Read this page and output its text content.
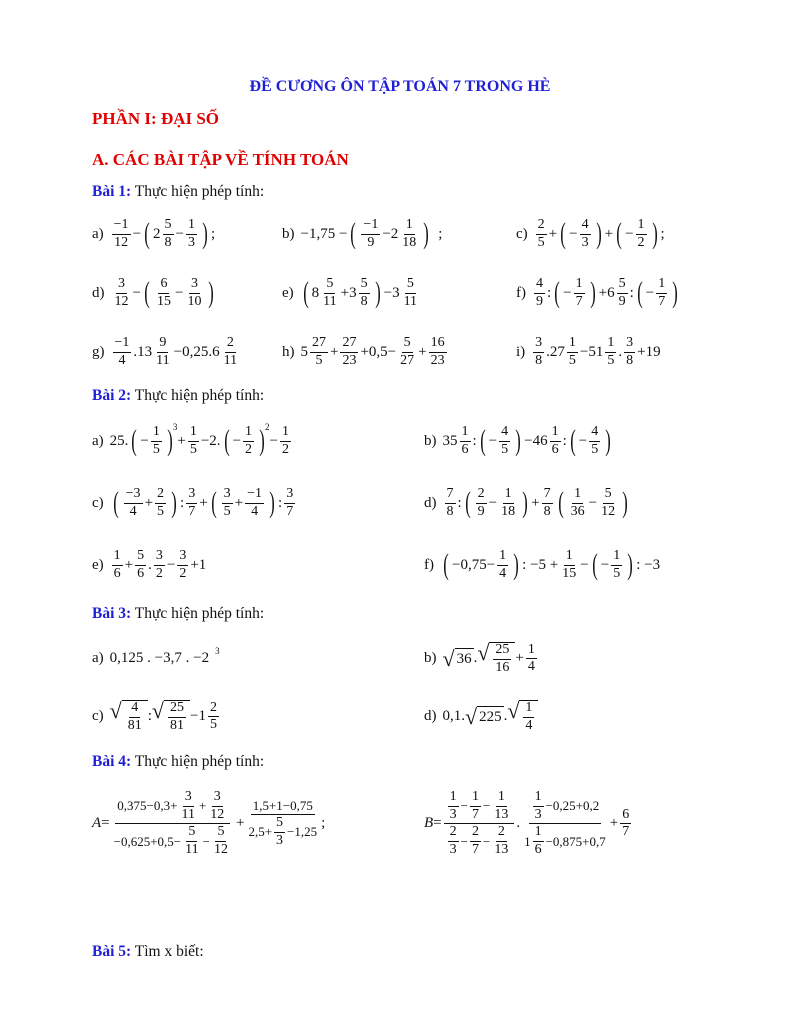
ĐỀ CƯƠNG ÔN TẬP TOÁN 7 TRONG HÈ
PHẦN I: ĐẠI SỐ
A. CÁC BÀI TẬP VỀ TÍNH TOÁN
Bài 1: Thực hiện phép tính:
$a) \frac{-1}{12}$ − ( $2 \frac{5}{8} - \frac{1}{3}$ ) ;	b) −1,75 − ( $\frac{-1}{9} -2 \frac{1}{18}$ ) ;	$c) \frac{2}{5}$ + ( − $\frac{4}{3}$ ) + ( − $\frac{1}{2}$ ) ;
$d) \frac{3}{12}$ − ( $\frac{6}{15} - \frac{3}{10}$ )	e) ( $8 \frac{5}{11} +3 \frac{5}{8}$ ) $-3 \frac{5}{11}$	$f) \frac{4}{9}$ : ( − $\frac{1}{7}$ ) $+6 \frac{5}{9}$ : ( − $\frac{1}{7}$ )
$g) \frac{-1}{4} .13 \frac{9}{11} -0,25.6 \frac{2}{11}$	h) $5 \frac{27}{5} + \frac{27}{23} +0,5- \frac{5}{27} + \frac{16}{23}$	$i) \frac{3}{8} .27 \frac{1}{5} -51 \frac{1}{5}$ . $\frac{3}{8} +19$
Bài 2: Thực hiện phép tính:
a) 25. ( − $\frac{1}{5}$ ) 3
+ $\frac{1}{5} -2$. ( − $\frac{1}{2}$ ) 2
− $\frac{1}{2}$	b) $35 \frac{1}{6}$ : ( − $\frac{4}{5}$ ) $-46 \frac{1}{6}$ : ( − $\frac{4}{5}$ )
c) ( $\frac{-3}{4} + \frac{2}{5}$ ) : $\frac{3}{7}$ + ( $\frac{3}{5} + \frac{-1}{4}$ ) : $\frac{3}{7}$	$d) \frac{7}{8}$ : ( $\frac{2}{9} - \frac{1}{18}$ ) + $\frac{7}{8}$ ( $\frac{1}{36} - \frac{5}{12}$ )
$e) \frac{1}{6} + \frac{5}{6}$ . $\frac{3}{2} - \frac{3}{2} +1$	f) ( $-0,75- \frac{1}{4}$ ) : $-5 + \frac{1}{15}$ − ( − $\frac{1}{5}$ ) : −3
Bài 3: Thực hiện phép tính:
a) 0,125 . −3,7 . −2 3	b) √ 36 . √ $\frac{25}{16} + \frac{1}{4}$
c) √ $\frac{4}{81}$ : √ $\frac{25}{81} -1 \frac{2}{5}$	d) 0,1. √ 225 . √ $\frac{1}{4}$
Bài 4: Thực hiện phép tính:
$A = \frac{0,375-0,3+ \frac{3}{11} + \frac{3}{12}}{-0,625+0,5- \frac{5}{11} - \frac{5}{12}} + \frac{1,5+1-0,75}{2,5+ \frac{5}{3} -1,25}$ ;	$B = \frac{\frac{1}{3} - \frac{1}{7} - \frac{1}{13}}{\frac{2}{3} - \frac{2}{7} - \frac{2}{13}}$ . $\frac{\frac{1}{3} -0,25+0,2}{1 \frac{1}{6} -0,875+0,7} + \frac{6}{7}$
Bài 5: Tìm x biết:
